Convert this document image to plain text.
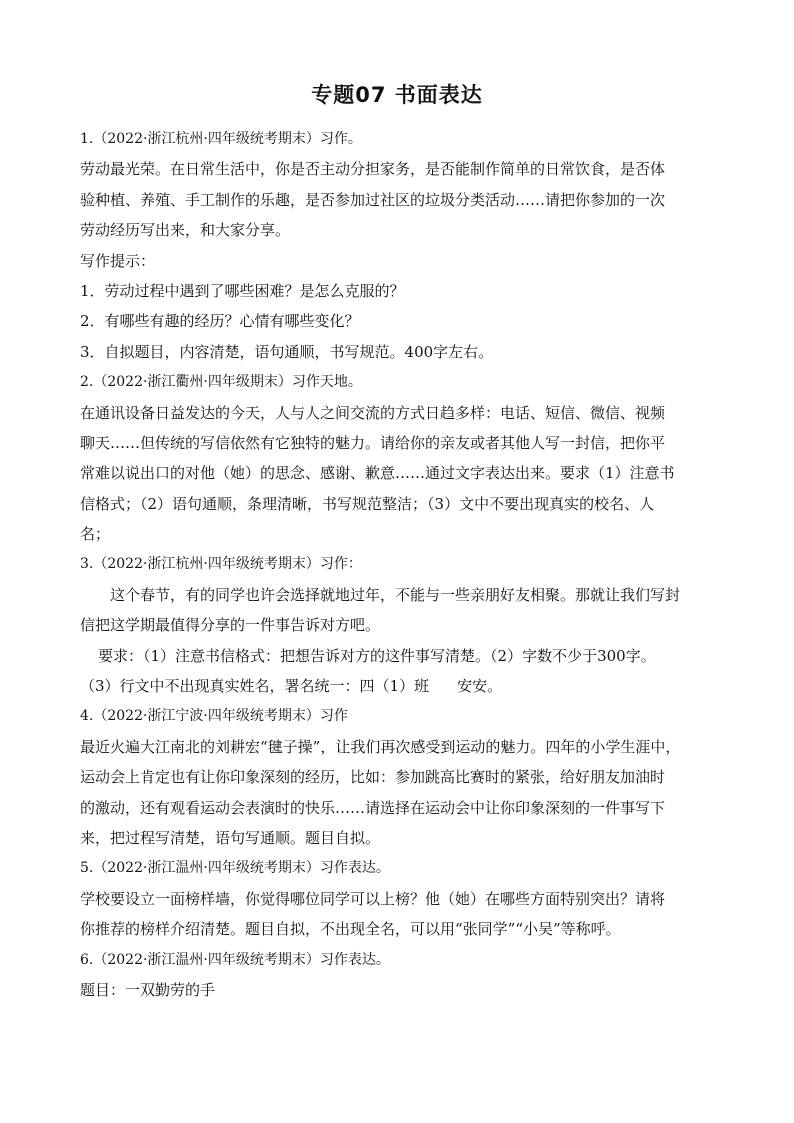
专题07 书面表达
1.（2022·浙江杭州·四年级统考期末）习作。
劳动最光荣。在日常生活中，你是否主动分担家务，是否能制作简单的日常饮食，是否体
验种植、养殖、手工制作的乐趣，是否参加过社区的垃圾分类活动……请把你参加的一次
劳动经历写出来，和大家分享。
写作提示：
1．劳动过程中遇到了哪些困难？是怎么克服的？
2．有哪些有趣的经历？心情有哪些变化？
3．自拟题目，内容清楚，语句通顺，书写规范。400字左右。
2.（2022·浙江衢州·四年级期末）习作天地。
在通讯设备日益发达的今天，人与人之间交流的方式日趋多样：电话、短信、微信、视频
聊天……但传统的写信依然有它独特的魅力。请给你的亲友或者其他人写一封信，把你平
常难以说出口的对他（她）的思念、感谢、歉意……通过文字表达出来。要求（1）注意书
信格式；（2）语句通顺，条理清晰，书写规范整洁；（3）文中不要出现真实的校名、人
名；
3.（2022·浙江杭州·四年级统考期末）习作：
这个春节，有的同学也许会选择就地过年，不能与一些亲朋好友相聚。那就让我们写封
信把这学期最值得分享的一件事告诉对方吧。
要求：（1）注意书信格式：把想告诉对方的这件事写清楚。（2）字数不少于300字。
（3）行文中不出现真实姓名，署名统一：四（1）班 安安。
4.（2022·浙江宁波·四年级统考期末）习作
最近火遍大江南北的刘耕宏“毽子操”，让我们再次感受到运动的魅力。四年的小学生涯中，
运动会上肯定也有让你印象深刻的经历，比如：参加跳高比赛时的紧张，给好朋友加油时
的激动，还有观看运动会表演时的快乐……请选择在运动会中让你印象深刻的一件事写下
来，把过程写清楚，语句写通顺。题目自拟。
5.（2022·浙江温州·四年级统考期末）习作表达。
学校要设立一面榜样墙，你觉得哪位同学可以上榜？他（她）在哪些方面特别突出？请将
你推荐的榜样介绍清楚。题目自拟，不出现全名，可以用“张同学”“小吴”等称呼。
6.（2022·浙江温州·四年级统考期末）习作表达。
题目：一双勤劳的手
